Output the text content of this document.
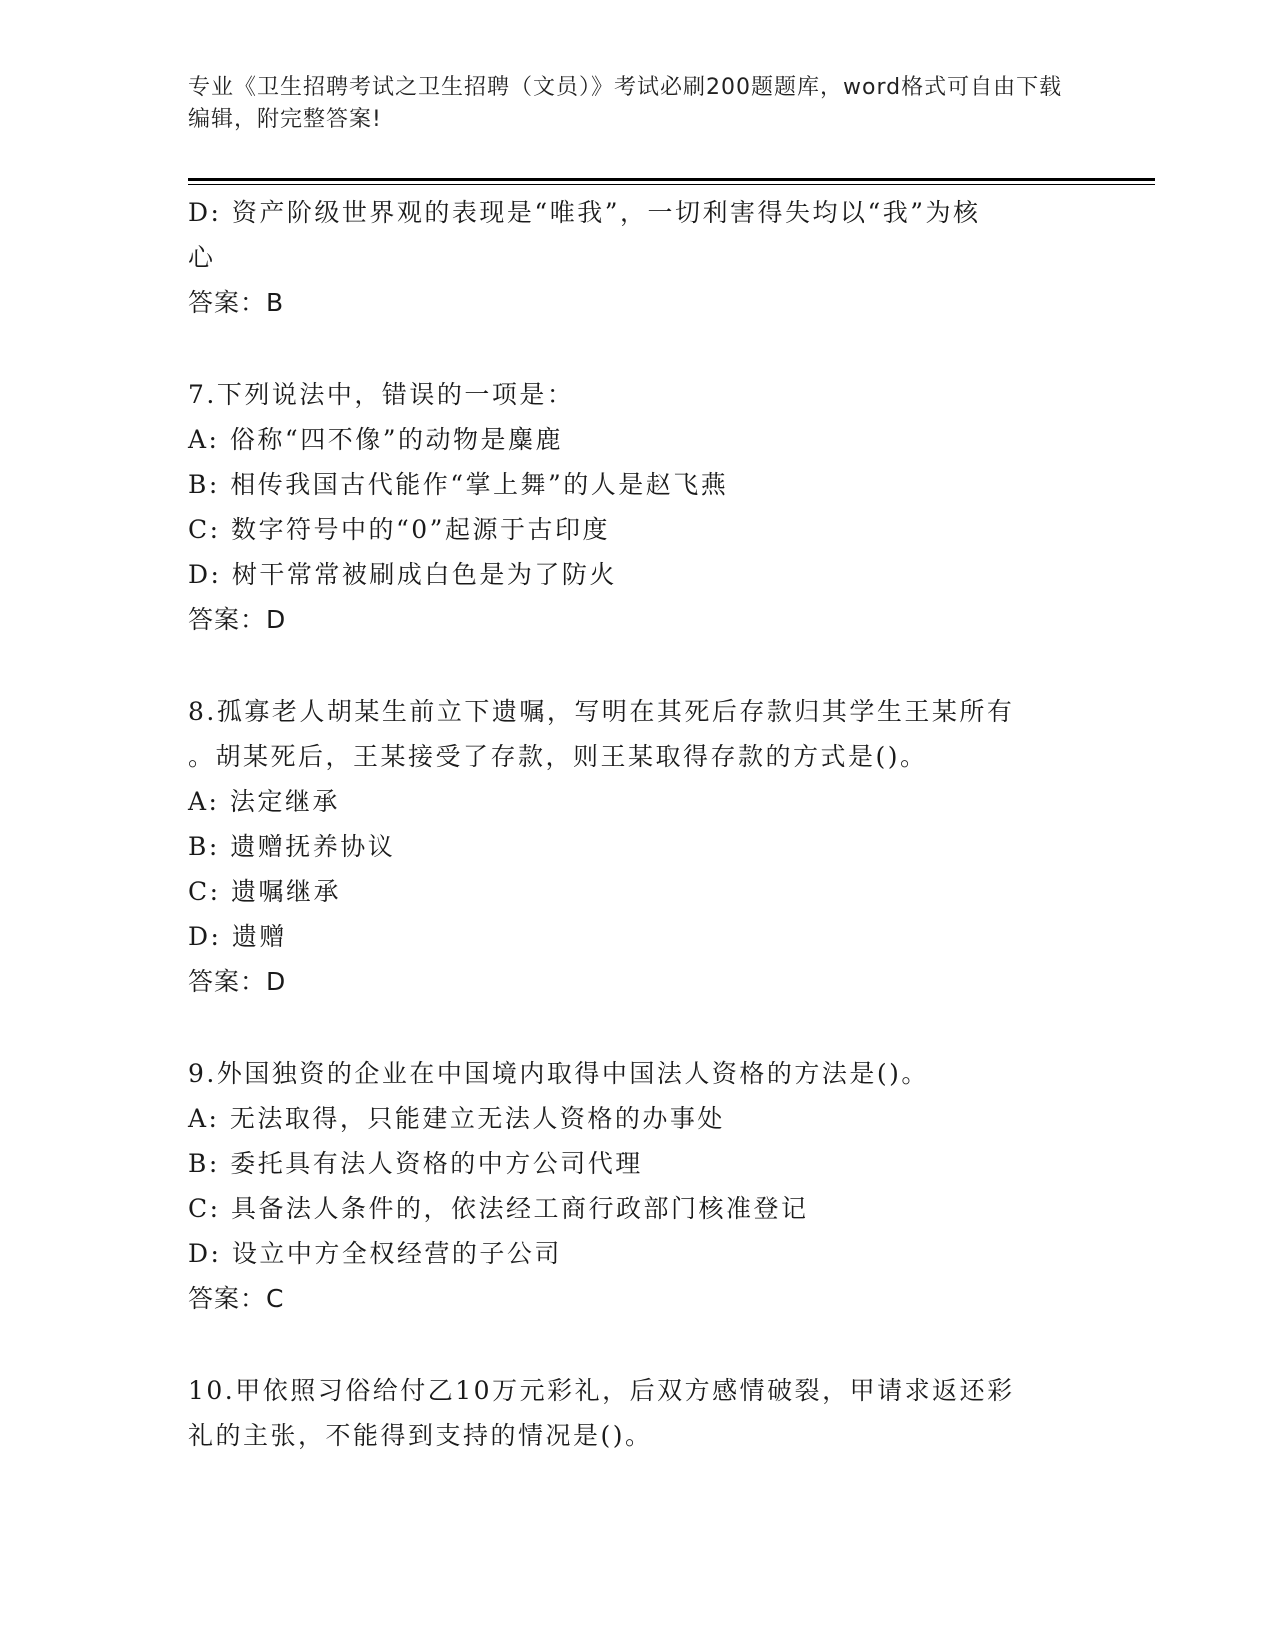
专业《卫生招聘考试之卫生招聘（文员）》考试必刷200题题库，word格式可自由下载编辑，附完整答案!
D: 资产阶级世界观的表现是“唯我”，一切利害得失均以“我”为核
心
答案：B
7.下列说法中，错误的一项是：
A: 俗称“四不像”的动物是麋鹿
B: 相传我国古代能作“掌上舞”的人是赵飞燕
C: 数字符号中的“0”起源于古印度
D: 树干常常被刷成白色是为了防火
答案：D
8.孤寡老人胡某生前立下遗嘱，写明在其死后存款归其学生王某所有
。胡某死后，王某接受了存款，则王某取得存款的方式是()。
A: 法定继承
B: 遗赠抚养协议
C: 遗嘱继承
D: 遗赠
答案：D
9.外国独资的企业在中国境内取得中国法人资格的方法是()。
A: 无法取得，只能建立无法人资格的办事处
B: 委托具有法人资格的中方公司代理
C: 具备法人条件的，依法经工商行政部门核准登记
D: 设立中方全权经营的子公司
答案：C
10.甲依照习俗给付乙10万元彩礼，后双方感情破裂，甲请求返还彩
礼的主张，不能得到支持的情况是()。
